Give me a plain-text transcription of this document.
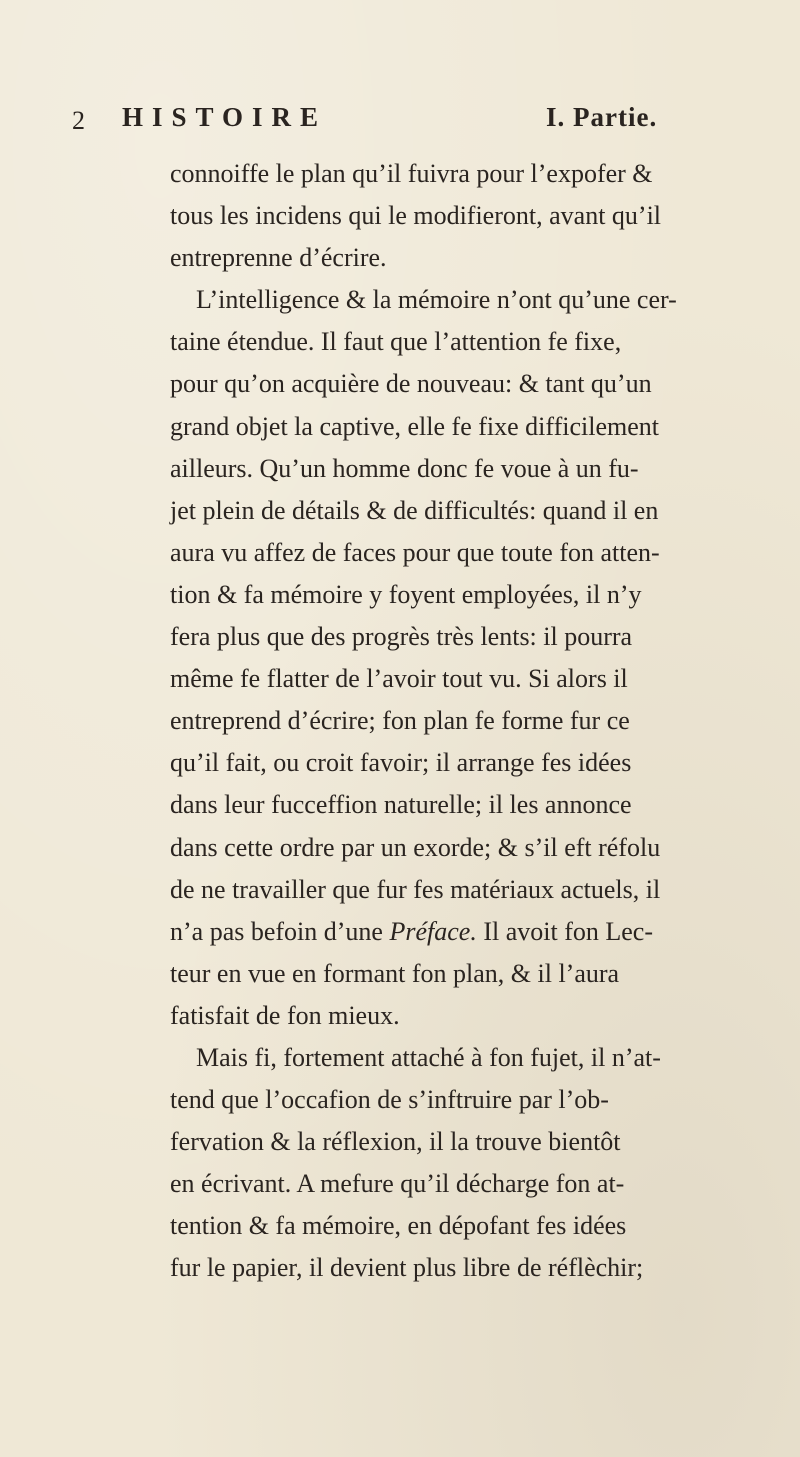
2 HISTOIRE	I. Partie.
connoiffe le plan qu’il fuivra pour l’expofer &
tous les incidens qui le modifieront, avant qu’il
entreprenne d’écrire.
L’intelligence & la mémoire n’ont qu’une cer-
taine étendue. Il faut que l’attention fe fixe,
pour qu’on acquière de nouveau: & tant qu’un
grand objet la captive, elle fe fixe difficilement
ailleurs. Qu’un homme donc fe voue à un fu-
jet plein de détails & de difficultés: quand il en
aura vu affez de faces pour que toute fon atten-
tion & fa mémoire y foyent employées, il n’y
fera plus que des progrès très lents: il pourra
même fe flatter de l’avoir tout vu. Si alors il
entreprend d’écrire; fon plan fe forme fur ce
qu’il fait, ou croit favoir; il arrange fes idées
dans leur fucceffion naturelle; il les annonce
dans cette ordre par un exorde; & s’il eft réfolu
de ne travailler que fur fes matériaux actuels, il
n’a pas befoin d’une Préface. Il avoit fon Lec-
teur en vue en formant fon plan, & il l’aura
fatisfait de fon mieux.
Mais fi, fortement attaché à fon fujet, il n’at-
tend que l’occafion de s’inftruire par l’ob-
fervation & la réflexion, il la trouve bientôt
en écrivant. A mefure qu’il décharge fon at-
tention & fa mémoire, en dépofant fes idées
fur le papier, il devient plus libre de réflèchir;
